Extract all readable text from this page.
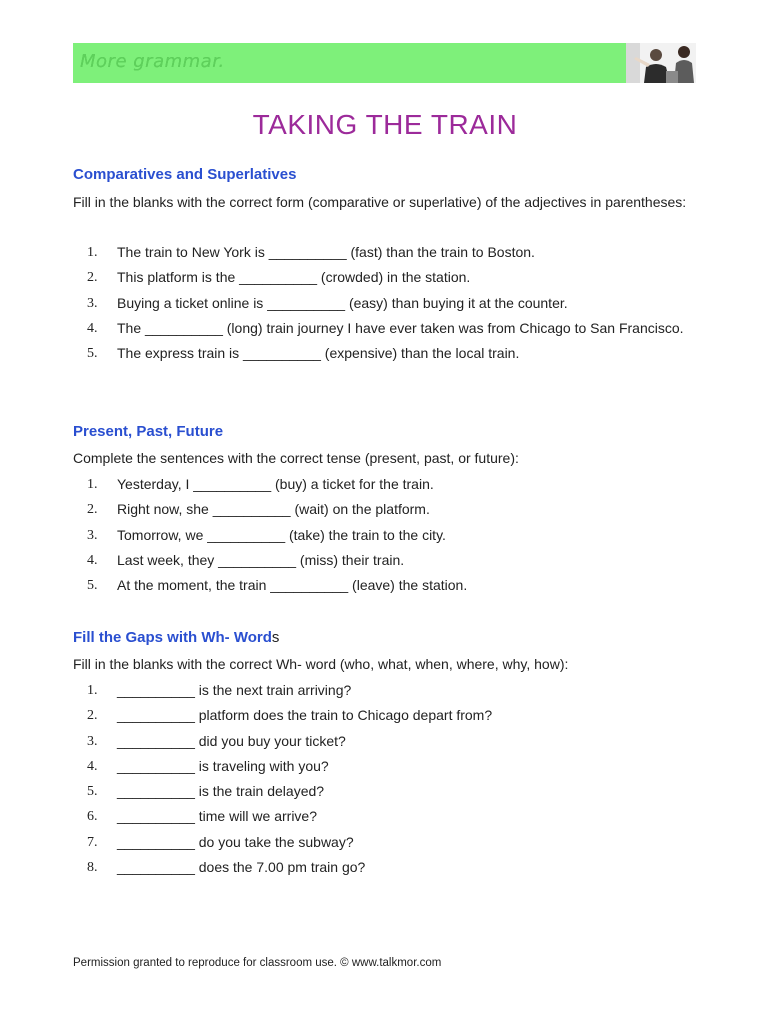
More grammar.
TAKING THE TRAIN
Comparatives and Superlatives
Fill in the blanks with the correct form (comparative or superlative) of the adjectives in parentheses:
1. The train to New York is __________ (fast) than the train to Boston.
2. This platform is the __________ (crowded) in the station.
3. Buying a ticket online is __________ (easy) than buying it at the counter.
4. The __________ (long) train journey I have ever taken was from Chicago to San Francisco.
5. The express train is __________ (expensive) than the local train.
Present, Past, Future
Complete the sentences with the correct tense (present, past, or future):
1. Yesterday, I __________ (buy) a ticket for the train.
2. Right now, she __________ (wait) on the platform.
3. Tomorrow, we __________ (take) the train to the city.
4. Last week, they __________ (miss) their train.
5. At the moment, the train __________ (leave) the station.
Fill the Gaps with Wh- Words
Fill in the blanks with the correct Wh- word (who, what, when, where, why, how):
1. __________ is the next train arriving?
2. __________ platform does the train to Chicago depart from?
3. __________ did you buy your ticket?
4. __________ is traveling with you?
5. __________ is the train delayed?
6. __________ time will we arrive?
7. __________ do you take the subway?
8. __________ does the 7.00 pm train go?
Permission granted to reproduce for classroom use. © www.talkmor.com
